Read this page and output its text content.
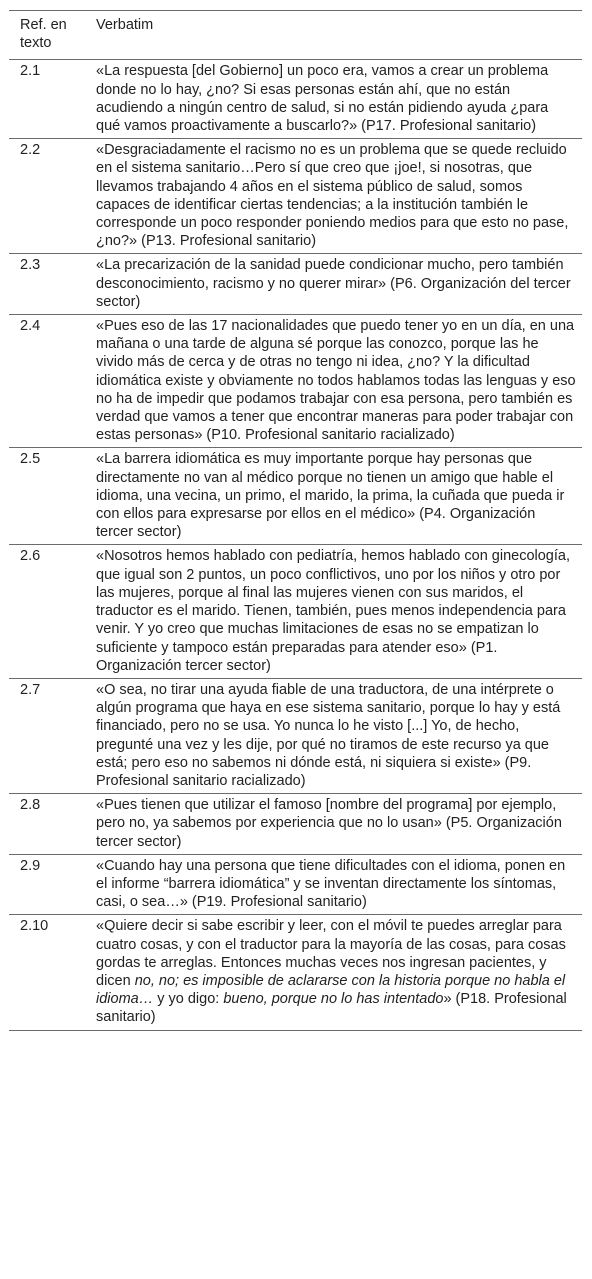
Ref. en texto	Verbatim
2.1	«La respuesta [del Gobierno] un poco era, vamos a crear un problema donde no lo hay, ¿no? Si esas personas están ahí, que no están acudiendo a ningún centro de salud, si no están pidiendo ayuda ¿para qué vamos proactivamente a buscarlo?» (P17. Profesional sanitario)
2.2	«Desgraciadamente el racismo no es un problema que se quede recluido en el sistema sanitario…Pero sí que creo que ¡joe!, si nosotras, que llevamos trabajando 4 años en el sistema público de salud, somos capaces de identificar ciertas tendencias; a la institución también le corresponde un poco responder poniendo medios para que esto no pase, ¿no?» (P13. Profesional sanitario)
2.3	«La precarización de la sanidad puede condicionar mucho, pero también desconocimiento, racismo y no querer mirar» (P6. Organización del tercer sector)
2.4	«Pues eso de las 17 nacionalidades que puedo tener yo en un día, en una mañana o una tarde de alguna sé porque las conozco, porque las he vivido más de cerca y de otras no tengo ni idea, ¿no? Y la dificultad idiomática existe y obviamente no todos hablamos todas las lenguas y eso no ha de impedir que podamos trabajar con esa persona, pero también es verdad que vamos a tener que encontrar maneras para poder trabajar con estas personas» (P10. Profesional sanitario racializado)
2.5	«La barrera idiomática es muy importante porque hay personas que directamente no van al médico porque no tienen un amigo que hable el idioma, una vecina, un primo, el marido, la prima, la cuñada que pueda ir con ellos para expresarse por ellos en el médico» (P4. Organización tercer sector)
2.6	«Nosotros hemos hablado con pediatría, hemos hablado con ginecología, que igual son 2 puntos, un poco conflictivos, uno por los niños y otro por las mujeres, porque al final las mujeres vienen con sus maridos, el traductor es el marido. Tienen, también, pues menos independencia para venir. Y yo creo que muchas limitaciones de esas no se empatizan lo suficiente y tampoco están preparadas para atender eso» (P1. Organización tercer sector)
2.7	«O sea, no tirar una ayuda fiable de una traductora, de una intérprete o algún programa que haya en ese sistema sanitario, porque lo hay y está financiado, pero no se usa. Yo nunca lo he visto [...] Yo, de hecho, pregunté una vez y les dije, por qué no tiramos de este recurso ya que está; pero eso no sabemos ni dónde está, ni siquiera si existe» (P9. Profesional sanitario racializado)
2.8	«Pues tienen que utilizar el famoso [nombre del programa] por ejemplo, pero no, ya sabemos por experiencia que no lo usan» (P5. Organización tercer sector)
2.9	«Cuando hay una persona que tiene dificultades con el idioma, ponen en el informe “barrera idiomática” y se inventan directamente los síntomas, casi, o sea…» (P19. Profesional sanitario)
2.10	«Quiere decir si sabe escribir y leer, con el móvil te puedes arreglar para cuatro cosas, y con el traductor para la mayoría de las cosas, para cosas gordas te arreglas. Entonces muchas veces nos ingresan pacientes, y dicen no, no; es imposible de aclararse con la historia porque no habla el idioma… y yo digo: bueno, porque no lo has intentado» (P18. Profesional sanitario)
